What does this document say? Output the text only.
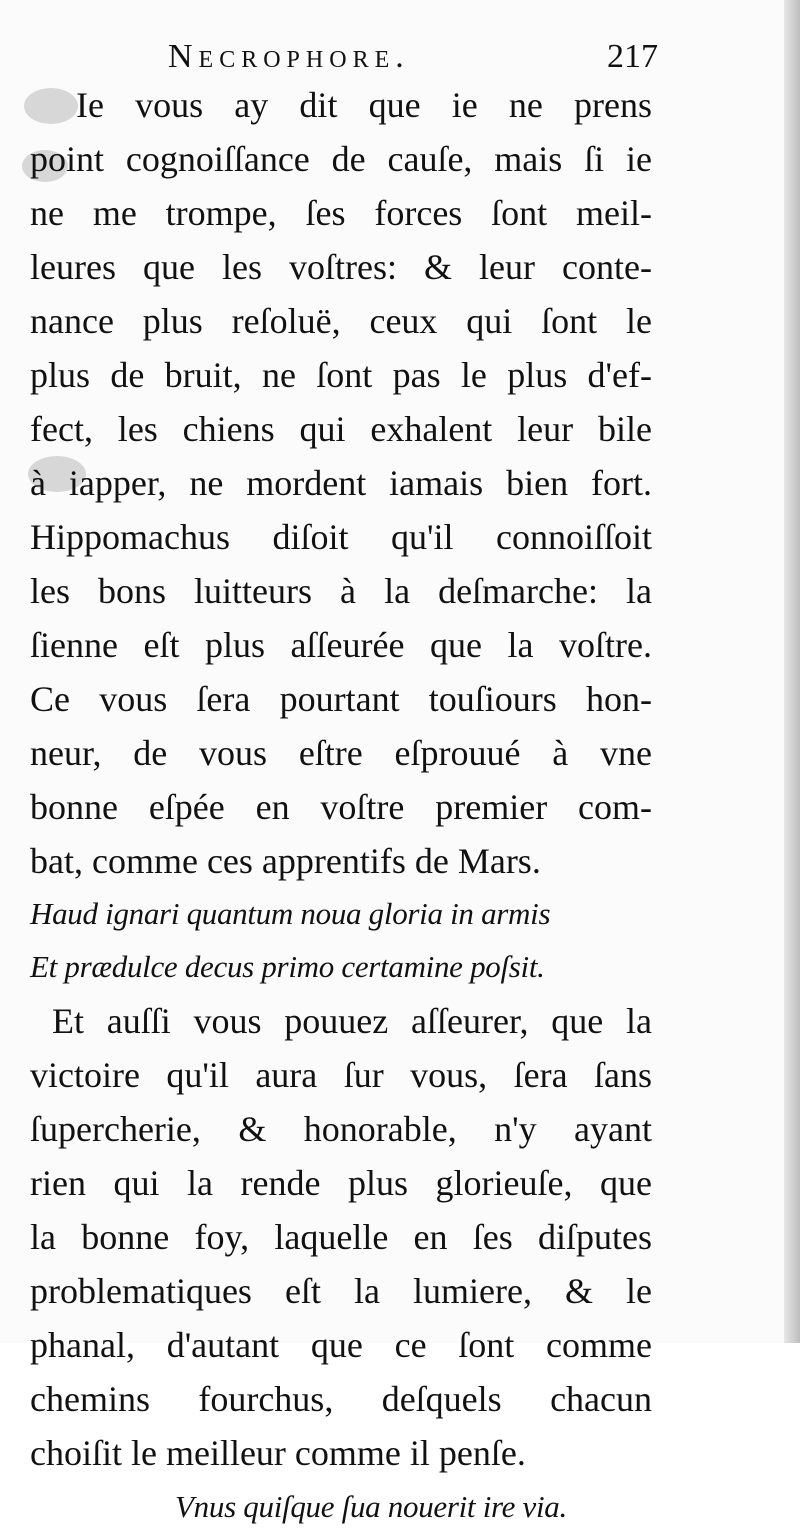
Necrophore.	217
Ie vous ay dit que ie ne prens
point cognoiſſance de cauſe, mais ſi ie
ne me trompe, ſes forces ſont meil-
leures que les voſtres: & leur conte-
nance plus reſoluë, ceux qui ſont le
plus de bruit, ne ſont pas le plus d'ef-
fect, les chiens qui exhalent leur bile
à iapper, ne mordent iamais bien fort.
Hippomachus diſoit qu'il connoiſſoit
les bons luitteurs à la deſmarche: la
ſienne eſt plus aſſeurée que la voſtre.
Ce vous ſera pourtant touſiours hon-
neur, de vous eſtre eſprouué à vne
bonne eſpée en voſtre premier com-
bat, comme ces apprentifs de Mars.
Haud ignari quantum noua gloria in armis
Et prædulce decus primo certamine poſsit.
Et auſſi vous pouuez aſſeurer, que la
victoire qu'il aura ſur vous, ſera ſans
ſupercherie, & honorable, n'y ayant
rien qui la rende plus glorieuſe, que
la bonne foy, laquelle en ſes diſputes
problematiques eſt la lumiere, & le
phanal, d'autant que ce ſont comme
chemins fourchus, deſquels chacun
choiſit le meilleur comme il penſe.
Vnus quiſque ſua nouerit ire via.
